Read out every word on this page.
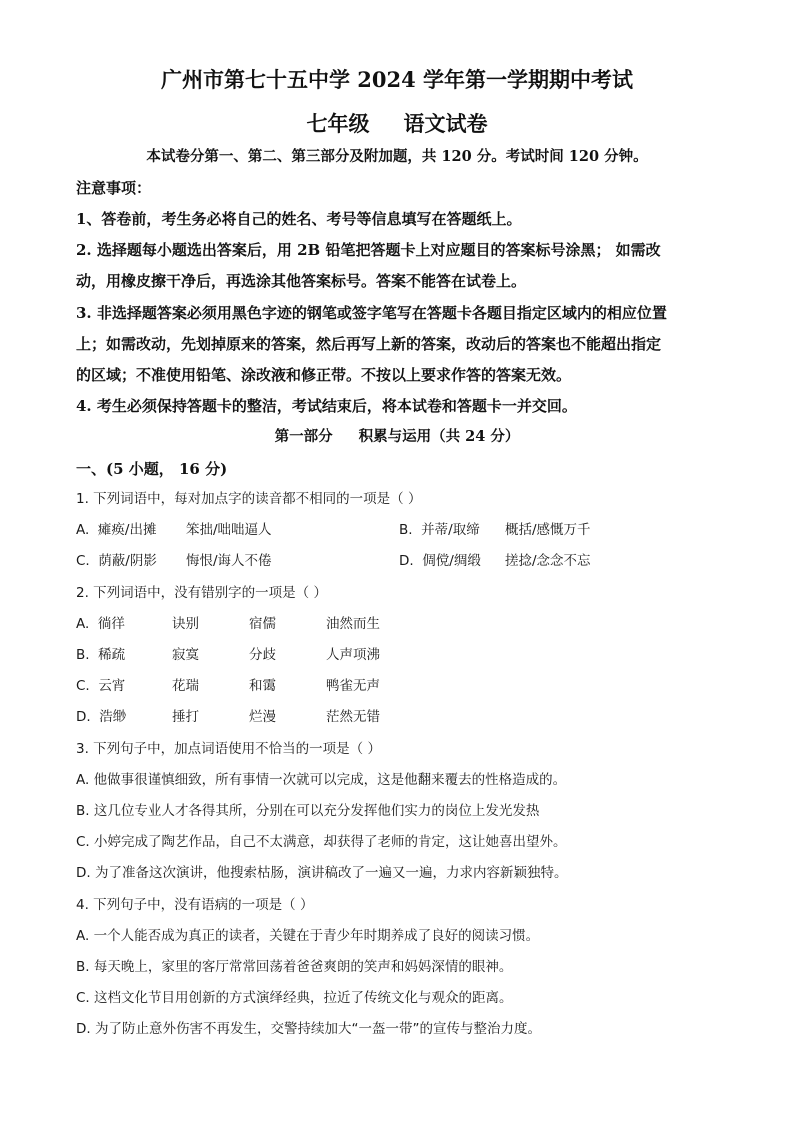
广州市第七十五中学 2024 学年第一学期期中考试
七年级 语文试卷
本试卷分第一、第二、第三部分及附加题，共 120 分。考试时间 120 分钟。
注意事项：
1、答卷前，考生务必将自己的姓名、考号等信息填写在答题纸上。
2. 选择题每小题选出答案后，用 2B 铅笔把答题卡上对应题目的答案标号涂黑； 如需改
动，用橡皮擦干净后，再选涂其他答案标号。答案不能答在试卷上。
3. 非选择题答案必须用黑色字迹的钢笔或签字笔写在答题卡各题目指定区域内的相应位置
上；如需改动，先划掉原来的答案，然后再写上新的答案，改动后的答案也不能超出指定
的区域；不准使用铅笔、涂改液和修正带。不按以上要求作答的答案无效。
4. 考生必须保持答题卡的整洁，考试结束后，将本试卷和答题卡一并交回。
第一部分 积累与运用（共 24 分）
一、(5 小题， 16 分)
1. 下列词语中，每对加点字的读音都不相同的一项是（ ）
A. 瘫痪/出摊 笨拙/咄咄逼人	B. 并蒂/取缔 概括/感慨万千
C. 荫蔽/阴影 悔恨/诲人不倦	D. 倜傥/绸缎 搓捻/念念不忘
2. 下列词语中，没有错别字的一项是（ ）
A. 徜徉	诀别	宿儒	油然而生
B. 稀疏	寂寞	分歧	人声项沸
C. 云宵	花瑞	和霭	鸭雀无声
D. 浩缈	捶打	烂漫	茫然无错
3. 下列句子中，加点词语使用不恰当的一项是（ ）
A. 他做事很谨慎细致，所有事情一次就可以完成，这是他翻来覆去的性格造成的。
B. 这几位专业人才各得其所，分别在可以充分发挥他们实力的岗位上发光发热
C. 小婷完成了陶艺作品，自己不太满意，却获得了老师的肯定，这让她喜出望外。
D. 为了准备这次演讲，他搜索枯肠，演讲稿改了一遍又一遍，力求内容新颖独特。
4. 下列句子中，没有语病的一项是（ ）
A. 一个人能否成为真正的读者，关键在于青少年时期养成了良好的阅读习惯。
B. 每天晚上，家里的客厅常常回荡着爸爸爽朗的笑声和妈妈深情的眼神。
C. 这档文化节目用创新的方式演绎经典，拉近了传统文化与观众的距离。
D. 为了防止意外伤害不再发生，交警持续加大“一盔一带”的宣传与整治力度。
